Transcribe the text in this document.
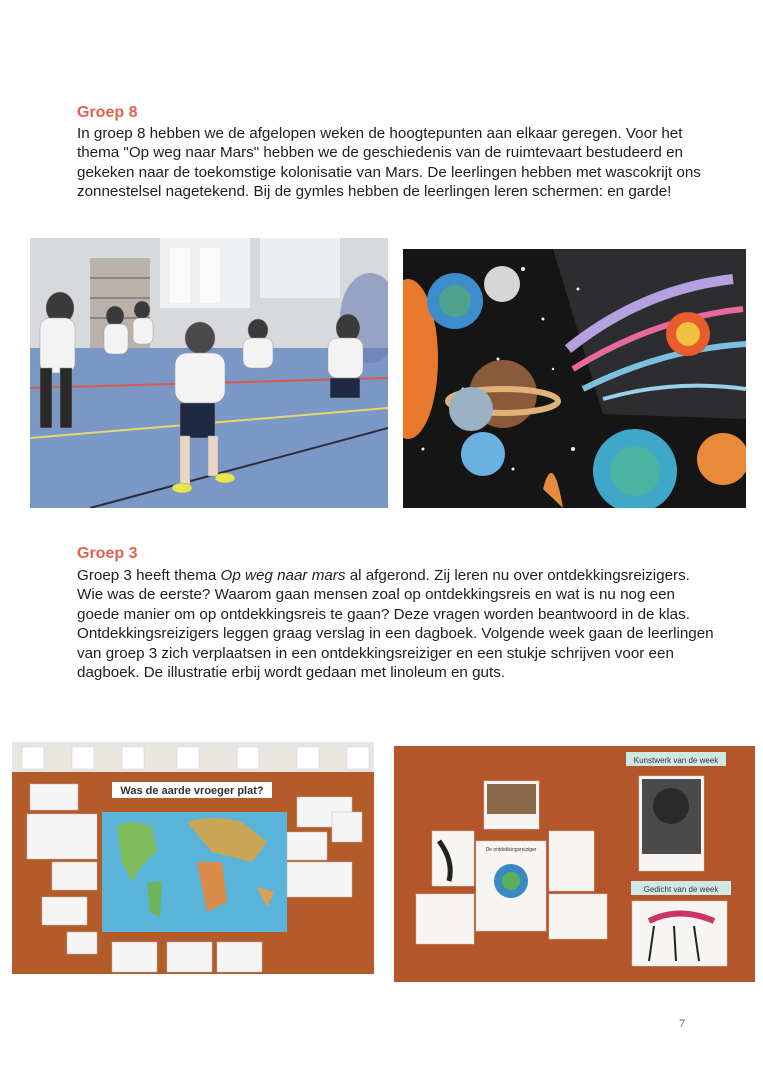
Groep 8

In groep 8 hebben we de afgelopen weken de hoogtepunten aan elkaar geregen. Voor het thema "Op weg naar Mars" hebben we de geschiedenis van de ruimtevaart bestudeerd en gekeken naar de toekomstige kolonisatie van Mars. De leerlingen hebben met wascokrijt ons zonnestelsel nagetekend. Bij de gymles hebben de leerlingen leren schermen: en garde!

Groep 3

Groep 3 heeft thema Op weg naar mars al afgerond. Zij leren nu over ontdekkingsreizigers. Wie was de eerste? Waarom gaan mensen zoal op ontdekkingsreis en wat is nu nog een goede manier om op ontdekkingsreis te gaan? Deze vragen worden beantwoord in de klas. Ontdekkingsreizigers leggen graag verslag in een dagboek. Volgende week gaan de leerlingen van groep 3 zich verplaatsen in een ontdekkingsreiziger en een stukje schrijven voor een dagboek. De illustratie erbij wordt gedaan met linoleum en guts.

Was de aarde vroeger plat?
Kunstwerk van de week
Gedicht van de week
De ontdekkingsreiziger
7
